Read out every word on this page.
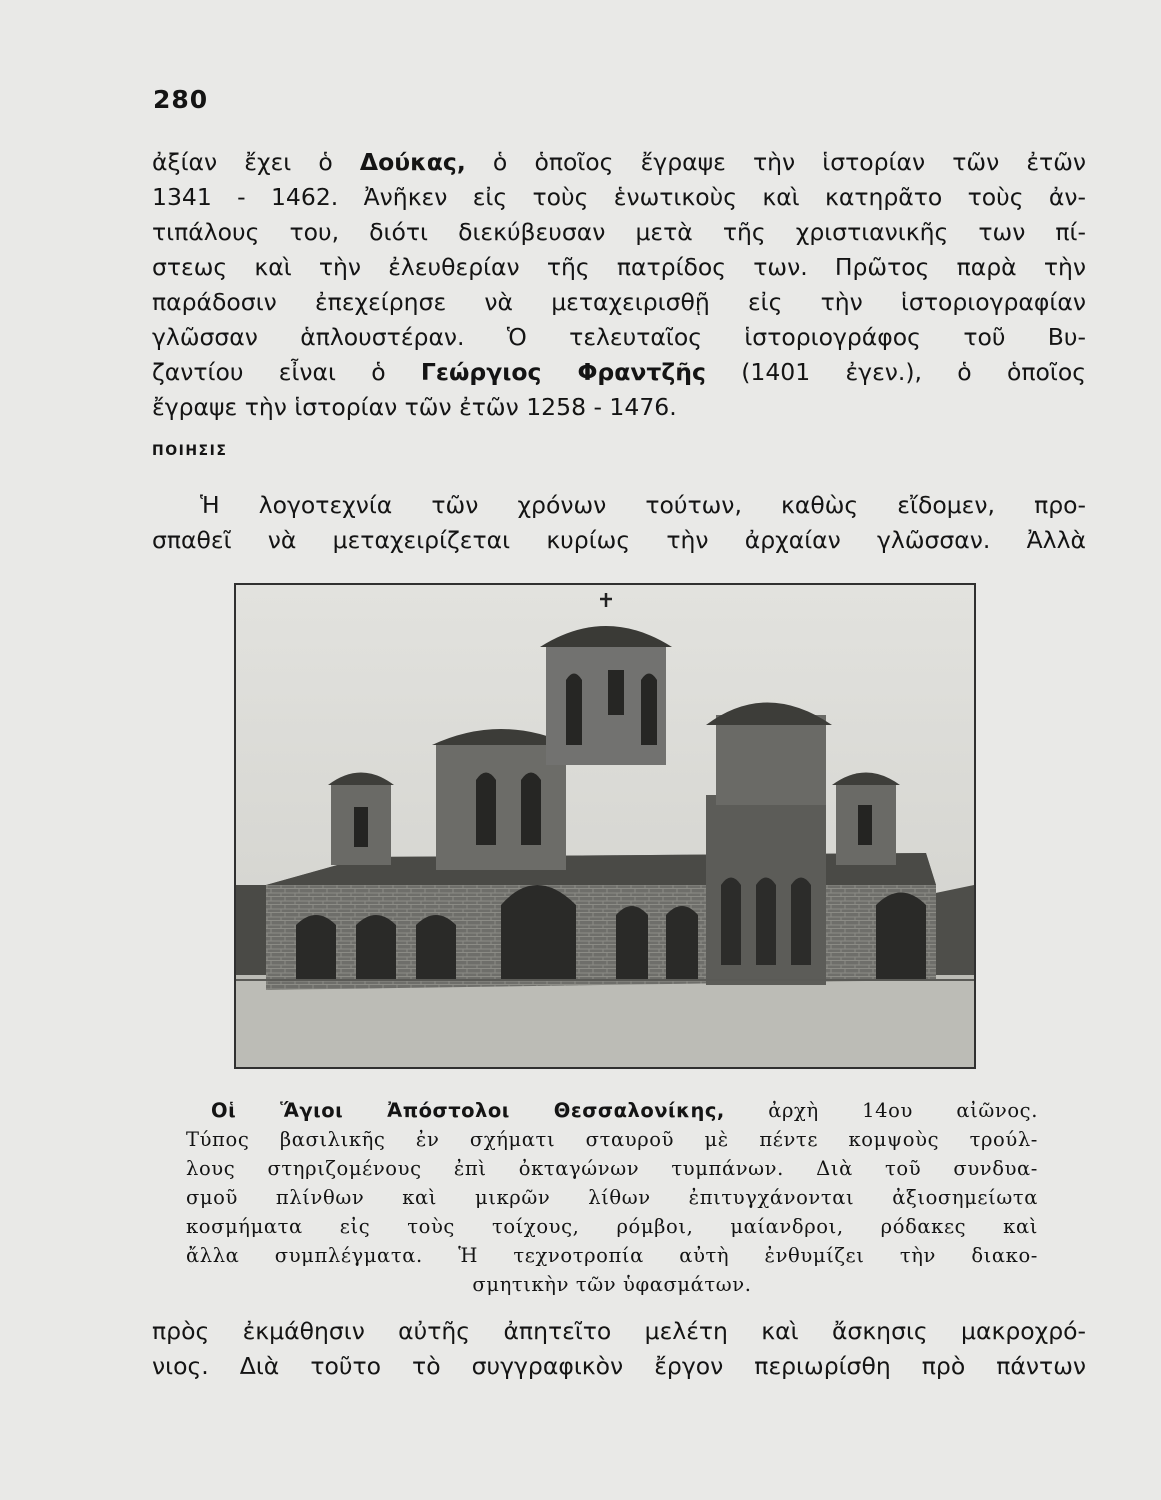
280
ἀξίαν ἔχει ὁ Δούκας, ὁ ὁποῖος ἔγραψε τὴν ἱστορίαν τῶν ἐτῶν
1341 - 1462. Ἀνῆκεν εἰς τοὺς ἑνωτικοὺς καὶ κατηρᾶτο τοὺς ἀν-
τιπάλους του, διότι διεκύβευσαν μετὰ τῆς χριστιανικῆς των πί-
στεως καὶ τὴν ἐλευθερίαν τῆς πατρίδος των. Πρῶτος παρὰ τὴν
παράδοσιν ἐπεχείρησε νὰ μεταχειρισθῇ εἰς τὴν ἱστοριογραφίαν
γλῶσσαν ἁπλουστέραν. Ὁ τελευταῖος ἱστοριογράφος τοῦ Βυ-
ζαντίου εἶναι ὁ Γεώργιος Φραντζῆς (1401 ἐγεν.), ὁ ὁποῖος
ἔγραψε τὴν ἱστορίαν τῶν ἐτῶν 1258 - 1476.
ΠΟΙΗΣΙΣ
Ἡ λογοτεχνία τῶν χρόνων τούτων, καθὼς εἴδομεν, προ-
σπαθεῖ νὰ μεταχειρίζεται κυρίως τὴν ἀρχαίαν γλῶσσαν. Ἀλλὰ
Οἱ Ἅγιοι Ἀπόστολοι Θεσσαλονίκης, ἀρχὴ 14ου αἰῶνος.
Τύπος βασιλικῆς ἐν σχήματι σταυροῦ μὲ πέντε κομψοὺς τρούλ-
λους στηριζομένους ἐπὶ ὀκταγώνων τυμπάνων. Διὰ τοῦ συνδυα-
σμοῦ πλίνθων καὶ μικρῶν λίθων ἐπιτυγχάνονται ἀξιοσημείωτα
κοσμήματα εἰς τοὺς τοίχους, ρόμβοι, μαίανδροι, ρόδακες καὶ
ἄλλα συμπλέγματα. Ἡ τεχνοτροπία αὐτὴ ἐνθυμίζει τὴν διακο-
σμητικὴν τῶν ὑφασμάτων.
πρὸς ἐκμάθησιν αὐτῆς ἀπητεῖτο μελέτη καὶ ἄσκησις μακροχρό-
νιος. Διὰ τοῦτο τὸ συγγραφικὸν ἔργον περιωρίσθη πρὸ πάντων
